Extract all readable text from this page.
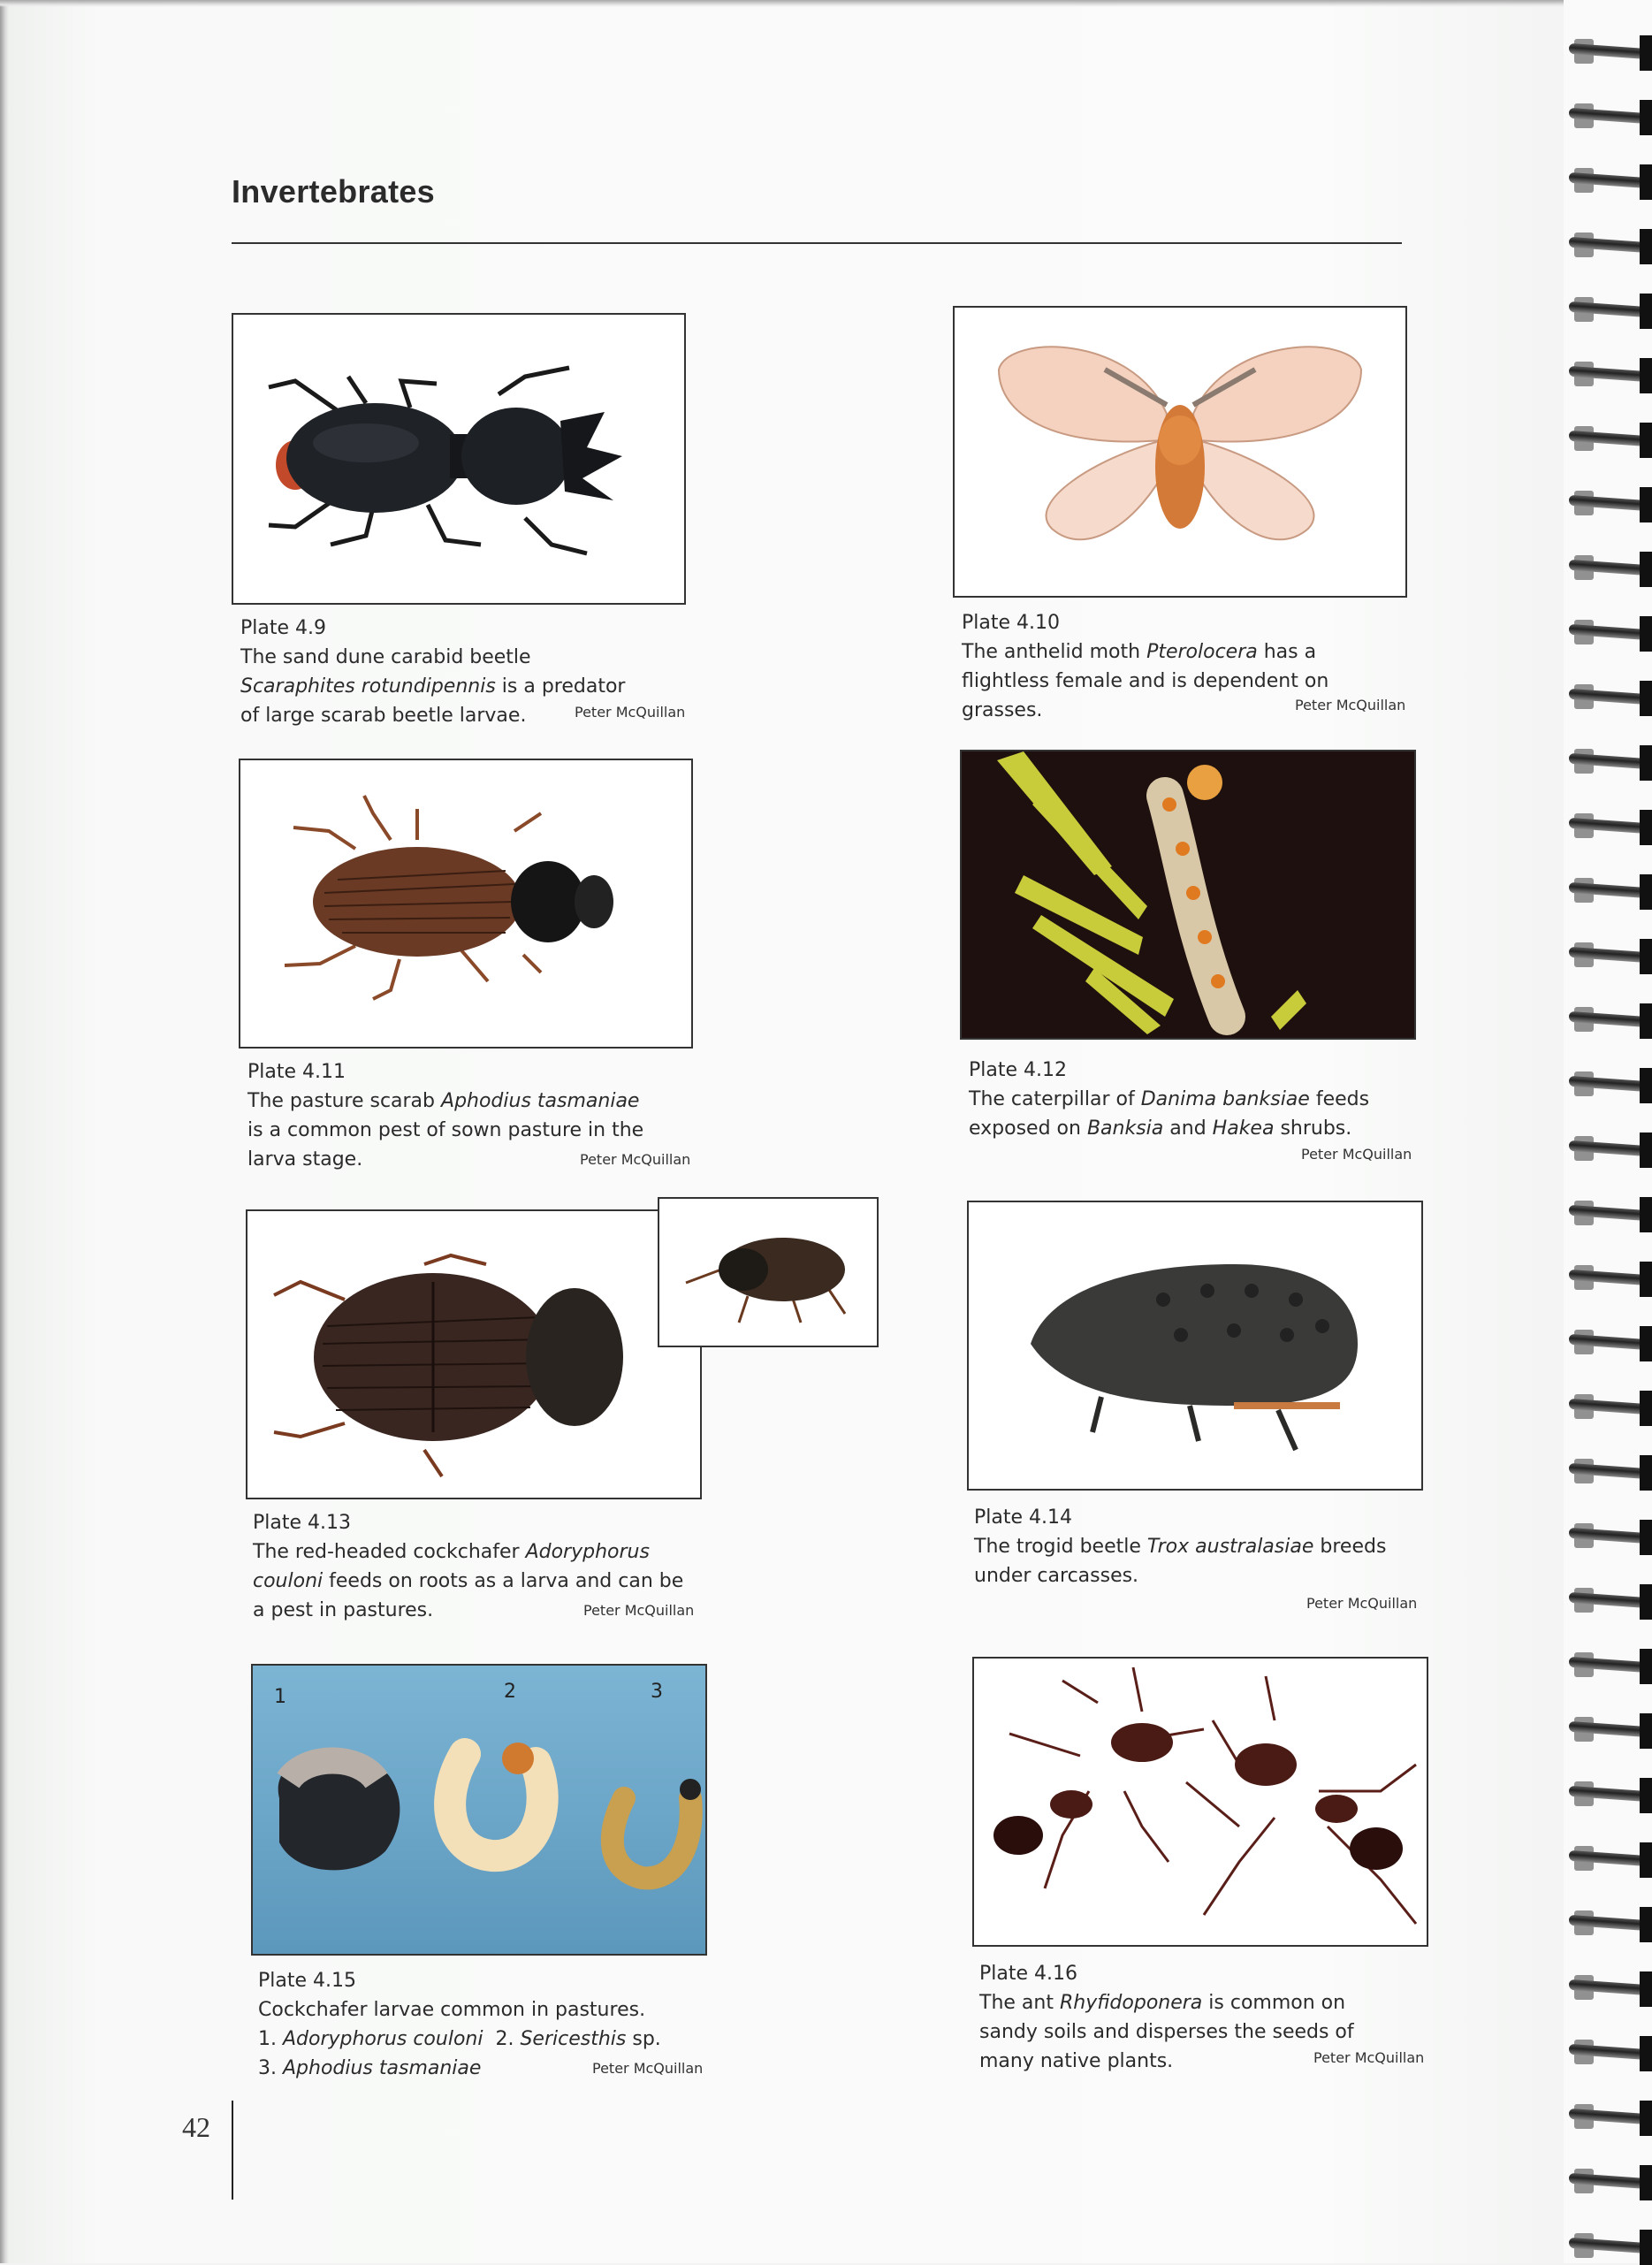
Invertebrates
Plate 4.9
The sand dune carabid beetle Scaraphites rotundipennis is a predator of large scarab beetle larvae.	Peter McQuillan
Plate 4.10
The anthelid moth Pterolocera has a flightless female and is dependent on grasses.	Peter McQuillan
Plate 4.11
The pasture scarab Aphodius tasmaniae is a common pest of sown pasture in the larva stage.	Peter McQuillan
Plate 4.12
The caterpillar of Danima banksiae feeds exposed on Banksia and Hakea shrubs.
Peter McQuillan
Plate 4.13
The red-headed cockchafer Adoryphorus
couloni feeds on roots as a larva and can be a pest in pastures.	Peter McQuillan
Plate 4.14
The trogid beetle Trox australasiae breeds under carcasses.
Peter McQuillan
1	2	3
Plate 4.15
Cockchafer larvae common in pastures.
1. Adoryphorus couloni  2. Sericesthis sp.
3. Aphodius tasmaniae	Peter McQuillan
Plate 4.16
The ant Rhyfidoponera is common on sandy soils and disperses the seeds of many native plants.	Peter McQuillan
42
